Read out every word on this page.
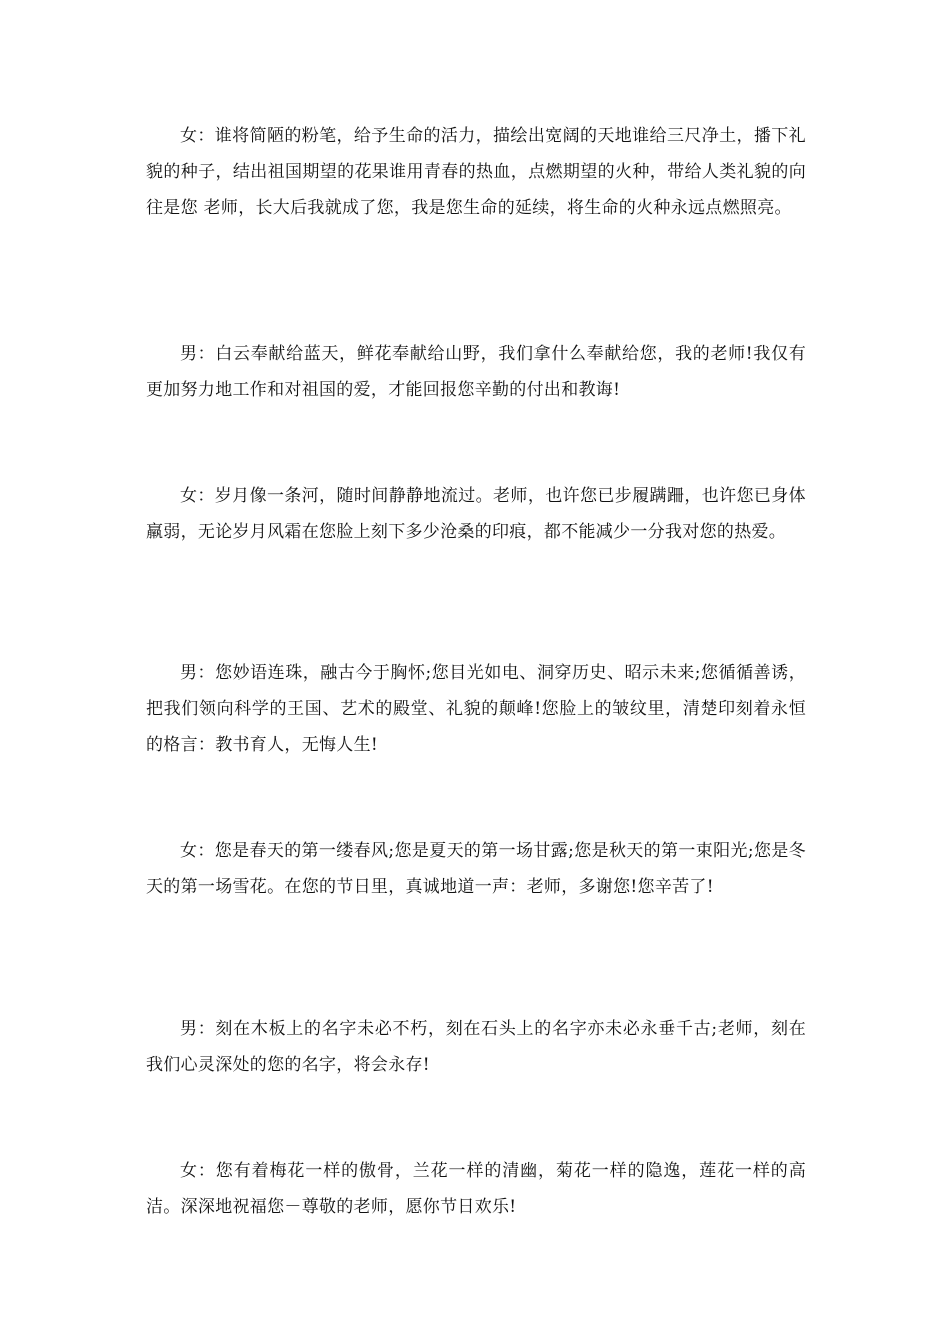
女：谁将简陋的粉笔，给予生命的活力，描绘出宽阔的天地谁给三尺净土，播下礼貌的种子，结出祖国期望的花果谁用青春的热血，点燃期望的火种，带给人类礼貌的向往是您 老师，长大后我就成了您，我是您生命的延续，将生命的火种永远点燃照亮。

男：白云奉献给蓝天，鲜花奉献给山野，我们拿什么奉献给您，我的老师!我仅有更加努力地工作和对祖国的爱，才能回报您辛勤的付出和教诲!

女：岁月像一条河，随时间静静地流过。老师，也许您已步履蹒跚，也许您已身体羸弱，无论岁月风霜在您脸上刻下多少沧桑的印痕，都不能减少一分我对您的热爱。

男：您妙语连珠，融古今于胸怀;您目光如电、洞穿历史、昭示未来;您循循善诱，把我们领向科学的王国、艺术的殿堂、礼貌的颠峰!您脸上的皱纹里，清楚印刻着永恒的格言：教书育人，无悔人生!

女：您是春天的第一缕春风;您是夏天的第一场甘露;您是秋天的第一束阳光;您是冬天的第一场雪花。在您的节日里，真诚地道一声：老师，多谢您!您辛苦了!

男：刻在木板上的名字未必不朽，刻在石头上的名字亦未必永垂千古;老师，刻在我们心灵深处的您的名字，将会永存!

女：您有着梅花一样的傲骨，兰花一样的清幽，菊花一样的隐逸，莲花一样的高洁。深深地祝福您－尊敬的老师，愿你节日欢乐!
